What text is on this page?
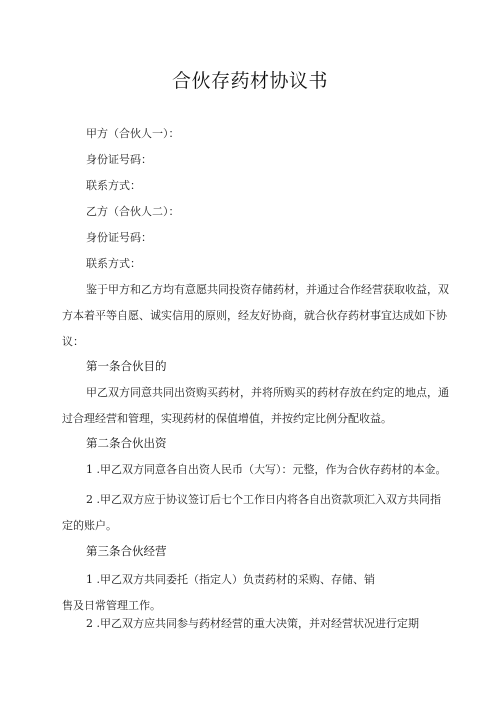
合伙存药材协议书
甲方（合伙人一）：
身份证号码：
联系方式：
乙方（合伙人二）：
身份证号码：
联系方式：
鉴于甲方和乙方均有意愿共同投资存储药材，并通过合作经营获取收益，双
方本着平等自愿、诚实信用的原则，经友好协商，就合伙存药材事宜达成如下协
议：
第一条合伙目的
甲乙双方同意共同出资购买药材，并将所购买的药材存放在约定的地点，通
过合理经营和管理，实现药材的保值增值，并按约定比例分配收益。
第二条合伙出资
1 .甲乙双方同意各自出资人民币（大写）：元整，作为合伙存药材的本金。
2 .甲乙双方应于协议签订后七个工作日内将各自出资款项汇入双方共同指
定的账户。
第三条合伙经营
1 .甲乙双方共同委托（指定人）负责药材的采购、存储、销
售及日常管理工作。
2 .甲乙双方应共同参与药材经营的重大决策，并对经营状况进行定期
